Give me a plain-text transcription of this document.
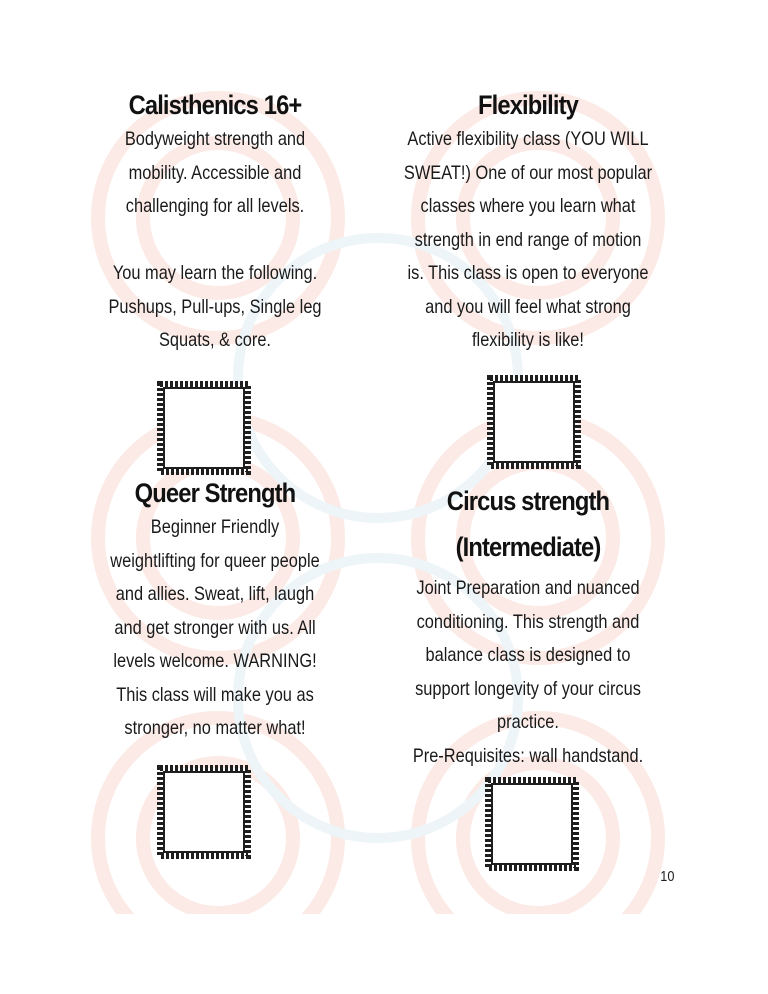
Calisthenics 16+

Bodyweight strength and
mobility. Accessible and
challenging for all levels.

You may learn the following.
Pushups, Pull-ups, Single leg
Squats, & core.

Flexibility

Active flexibility class (YOU WILL
SWEAT!) One of our most popular
classes where you learn what
strength in end range of motion
is. This class is open to everyone
and you will feel what strong
flexibility is like!

Queer Strength

Beginner Friendly
weightlifting for queer people
and allies. Sweat, lift, laugh
and get stronger with us. All
levels welcome. WARNING!
This class will make you as
stronger, no matter what!

Circus strength
(Intermediate)

Joint Preparation and nuanced
conditioning. This strength and
balance class is designed to
support longevity of your circus
practice.
Pre-Requisites: wall handstand.

10
